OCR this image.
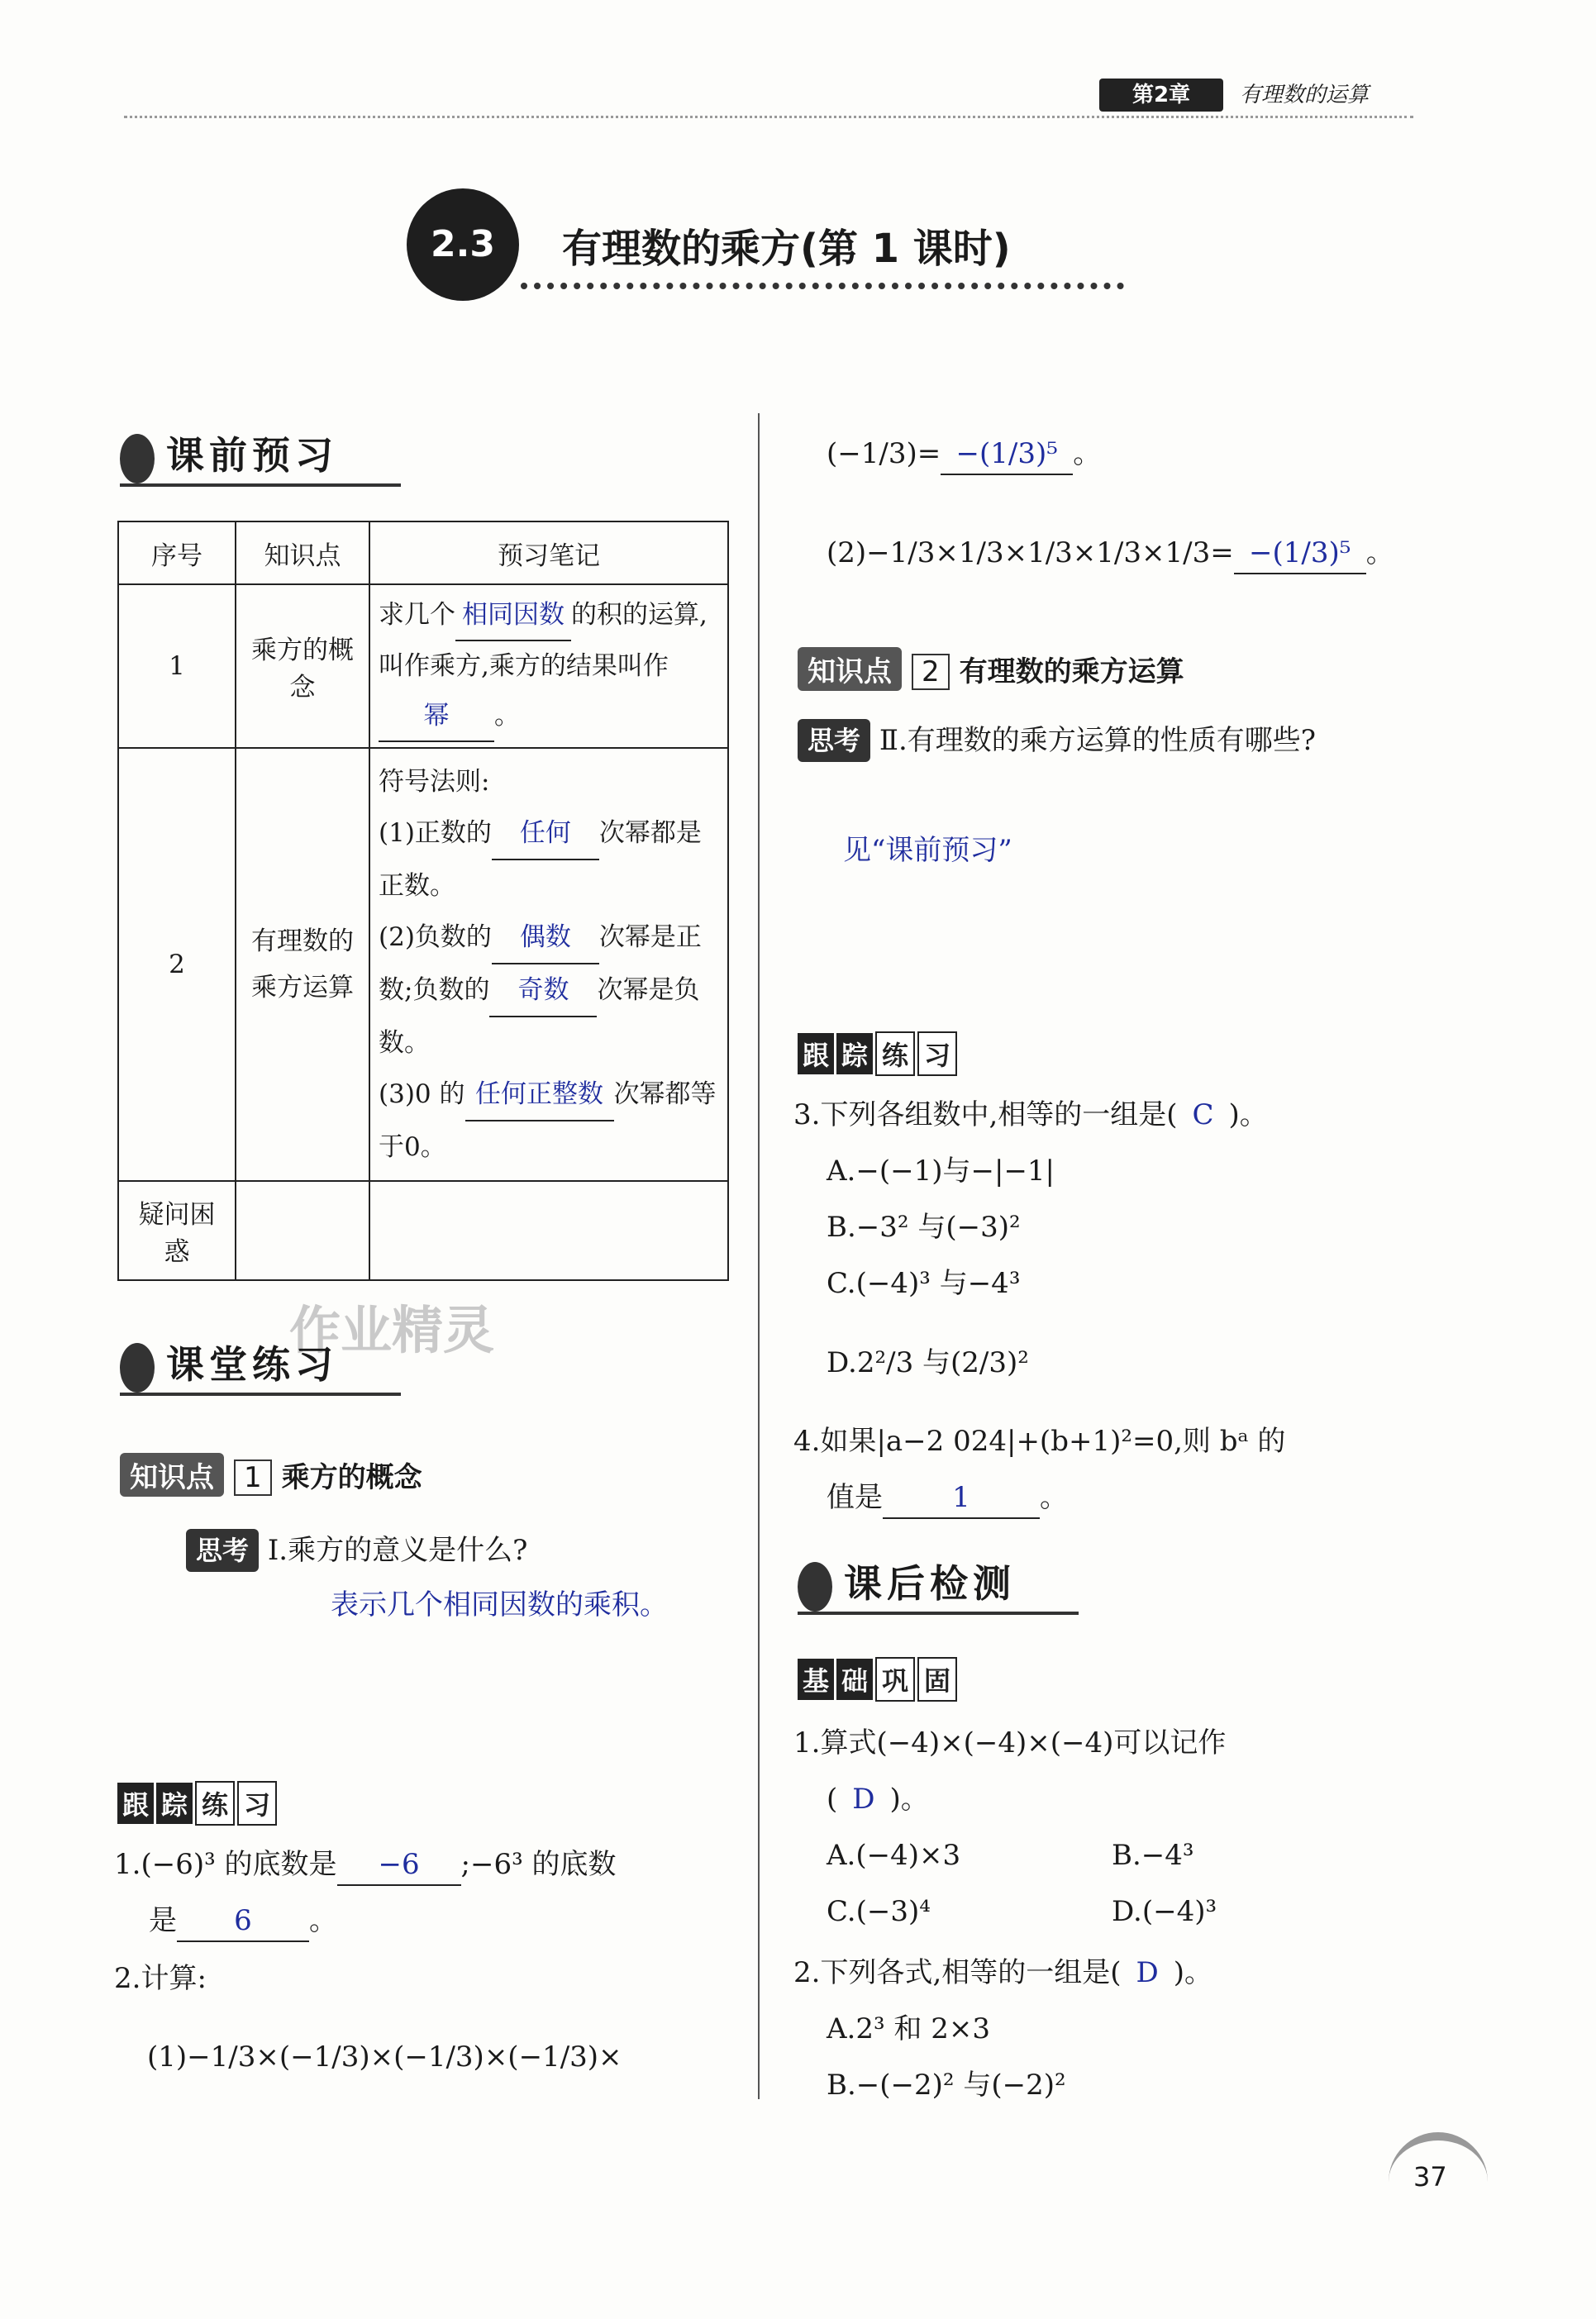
第2章	有理数的运算
2.3	有理数的乘方(第 1 课时)
课前预习
序号	知识点	预习笔记
1	乘方的概念	求几个 相同因数 的积的运算,叫作乘方,乘方的结果叫作幂 。
2	有理数的乘方运算	符号法则:
(1)正数的 任何 次幂都是正数。
(2)负数的 偶数 次幂是正数;负数的 奇数 次幂是负数。
(3)0 的 任何正整数 次幂都等于0。
疑问困惑		
作业精灵
课堂练习
知识点 1 乘方的概念
思考 Ⅰ.乘方的意义是什么?
表示几个相同因数的乘积。
跟 踪 练 习
1.(−6)³ 的底数是 −6 ;−6³ 的底数
是 6 。
2.计算:
(1)−1/3×(−1/3)×(−1/3)×(−1/3)×
(−1/3)= −(1/3)⁵ 。
(2)−1/3×1/3×1/3×1/3×1/3= −(1/3)⁵ 。
知识点 2 有理数的乘方运算
思考 Ⅱ.有理数的乘方运算的性质有哪些?
见“课前预习”
跟 踪 练 习
3.下列各组数中,相等的一组是( C )。
A.−(−1)与−|−1|
B.−3² 与(−3)²
C.(−4)³ 与−4³
D.2²/3 与(2/3)²
4.如果|a−2 024|+(b+1)²=0,则 bᵃ 的
值是 1 。
课后检测
基 础 巩 固
1.算式(−4)×(−4)×(−4)可以记作
( D )。
A.(−4)×3	B.−4³
C.(−3)⁴	D.(−4)³
2.下列各式,相等的一组是( D )。
A.2³ 和 2×3
B.−(−2)² 与(−2)²
37
